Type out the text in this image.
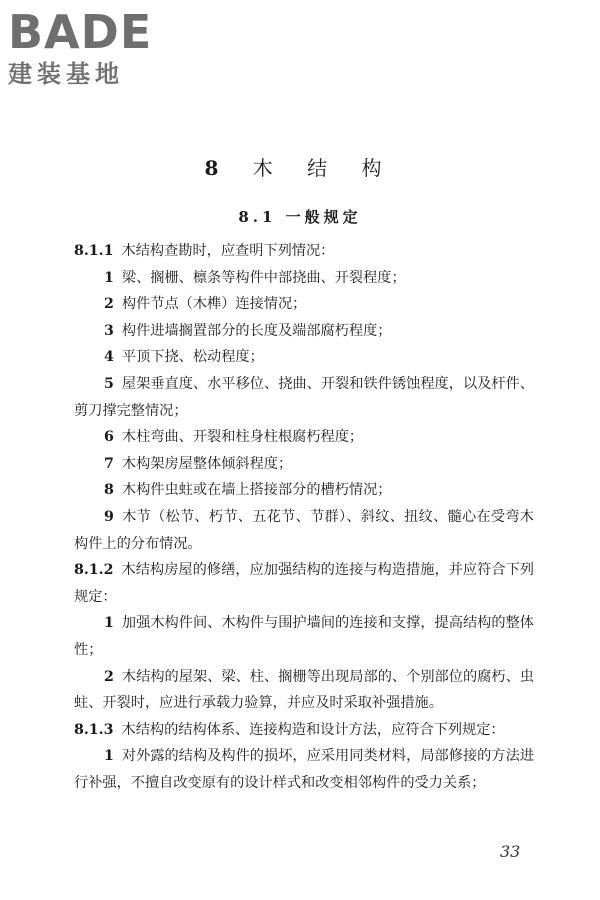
BADE
建装基地
8 木 结 构
8.1 一般规定

8.1.1 木结构查勘时，应查明下列情况：

1 梁、搁栅、檩条等构件中部挠曲、开裂程度；

2 构件节点（木榫）连接情况；

3 构件进墙搁置部分的长度及端部腐朽程度；

4 平顶下挠、松动程度；

5 屋架垂直度、水平移位、挠曲、开裂和铁件锈蚀程度，以及杆件、剪刀撑完整情况；

6 木柱弯曲、开裂和柱身柱根腐朽程度；

7 木构架房屋整体倾斜程度；

8 木构件虫蛀或在墙上搭接部分的槽朽情况；

9 木节（松节、朽节、五花节、节群）、斜纹、扭纹、髓心在受弯木构件上的分布情况。

8.1.2 木结构房屋的修缮，应加强结构的连接与构造措施，并应符合下列规定：

1 加强木构件间、木构件与围护墙间的连接和支撑，提高结构的整体性；

2 木结构的屋架、梁、柱、搁栅等出现局部的、个别部位的腐朽、虫蛀、开裂时，应进行承载力验算，并应及时采取补强措施。

8.1.3 木结构的结构体系、连接构造和设计方法，应符合下列规定：

1 对外露的结构及构件的损坏，应采用同类材料，局部修接的方法进行补强，不擅自改变原有的设计样式和改变相邻构件的受力关系；

33
